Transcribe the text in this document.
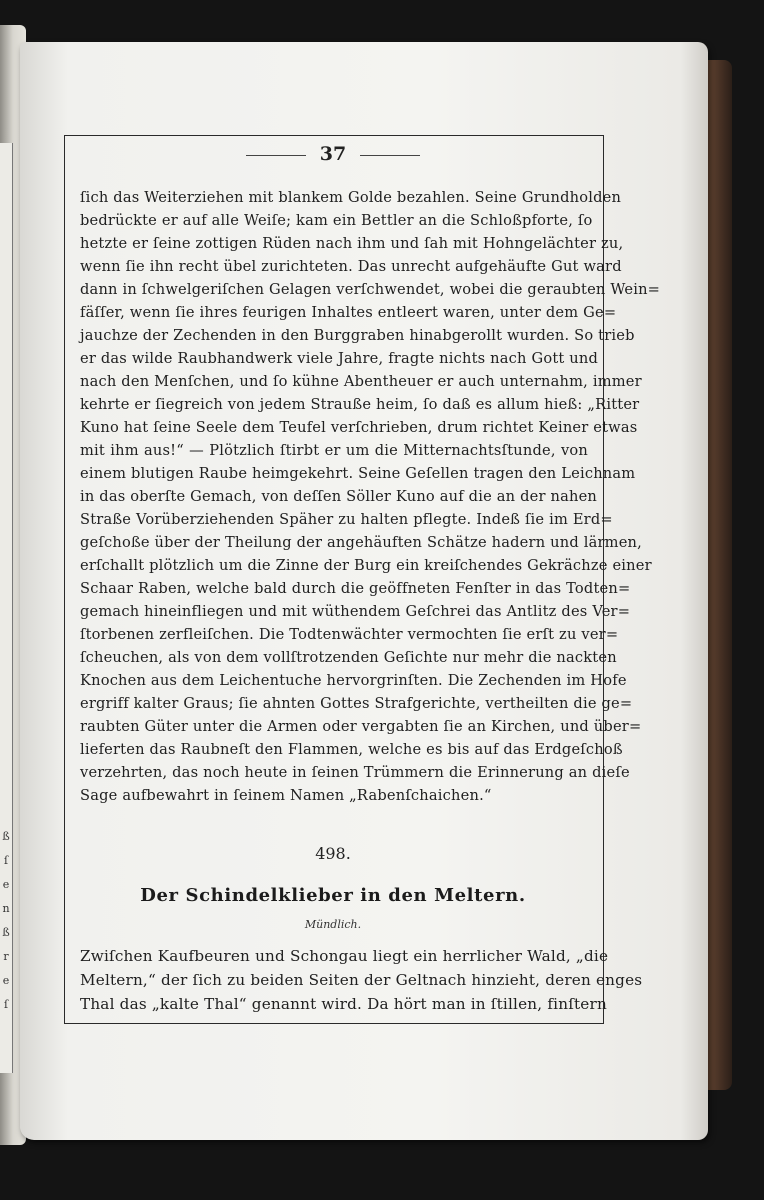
ß
ſ
e
n
ß
r
e
ſ
37
ſich das Weiterziehen mit blankem Golde bezahlen. Seine Grundholden
bedrückte er auf alle Weiſe; kam ein Bettler an die Schloßpforte, ſo
hetzte er ſeine zottigen Rüden nach ihm und ſah mit Hohngelächter zu,
wenn ſie ihn recht übel zurichteten. Das unrecht aufgehäufte Gut ward
dann in ſchwelgeriſchen Gelagen verſchwendet, wobei die geraubten Wein=
fäſſer, wenn ſie ihres feurigen Inhaltes entleert waren, unter dem Ge=
jauchze der Zechenden in den Burggraben hinabgerollt wurden. So trieb
er das wilde Raubhandwerk viele Jahre, fragte nichts nach Gott und
nach den Menſchen, und ſo kühne Abentheuer er auch unternahm, immer
kehrte er ſiegreich von jedem Strauße heim, ſo daß es allum hieß: „Ritter
Kuno hat ſeine Seele dem Teufel verſchrieben, drum richtet Keiner etwas
mit ihm aus!“ — Plötzlich ſtirbt er um die Mitternachtsſtunde, von
einem blutigen Raube heimgekehrt. Seine Geſellen tragen den Leichnam
in das oberſte Gemach, von deſſen Söller Kuno auf die an der nahen
Straße Vorüberziehenden Späher zu halten pflegte. Indeß ſie im Erd=
geſchoße über der Theilung der angehäuften Schätze hadern und lärmen,
erſchallt plötzlich um die Zinne der Burg ein kreiſchendes Gekrächze einer
Schaar Raben, welche bald durch die geöffneten Fenſter in das Todten=
gemach hineinfliegen und mit wüthendem Geſchrei das Antlitz des Ver=
ſtorbenen zerfleiſchen. Die Todtenwächter vermochten ſie erſt zu ver=
ſcheuchen, als von dem vollſtrotzenden Geſichte nur mehr die nackten
Knochen aus dem Leichentuche hervorgrinſten. Die Zechenden im Hofe
ergriff kalter Graus; ſie ahnten Gottes Strafgerichte, vertheilten die ge=
raubten Güter unter die Armen oder vergabten ſie an Kirchen, und über=
lieferten das Raubneſt den Flammen, welche es bis auf das Erdgeſchoß
verzehrten, das noch heute in ſeinen Trümmern die Erinnerung an dieſe
Sage aufbewahrt in ſeinem Namen „Rabenſchaichen.“
498.
Der Schindelklieber in den Meltern.
Mündlich.
Zwiſchen Kaufbeuren und Schongau liegt ein herrlicher Wald, „die
Meltern,“ der ſich zu beiden Seiten der Geltnach hinzieht, deren enges
Thal das „kalte Thal“ genannt wird. Da hört man in ſtillen, finſtern
